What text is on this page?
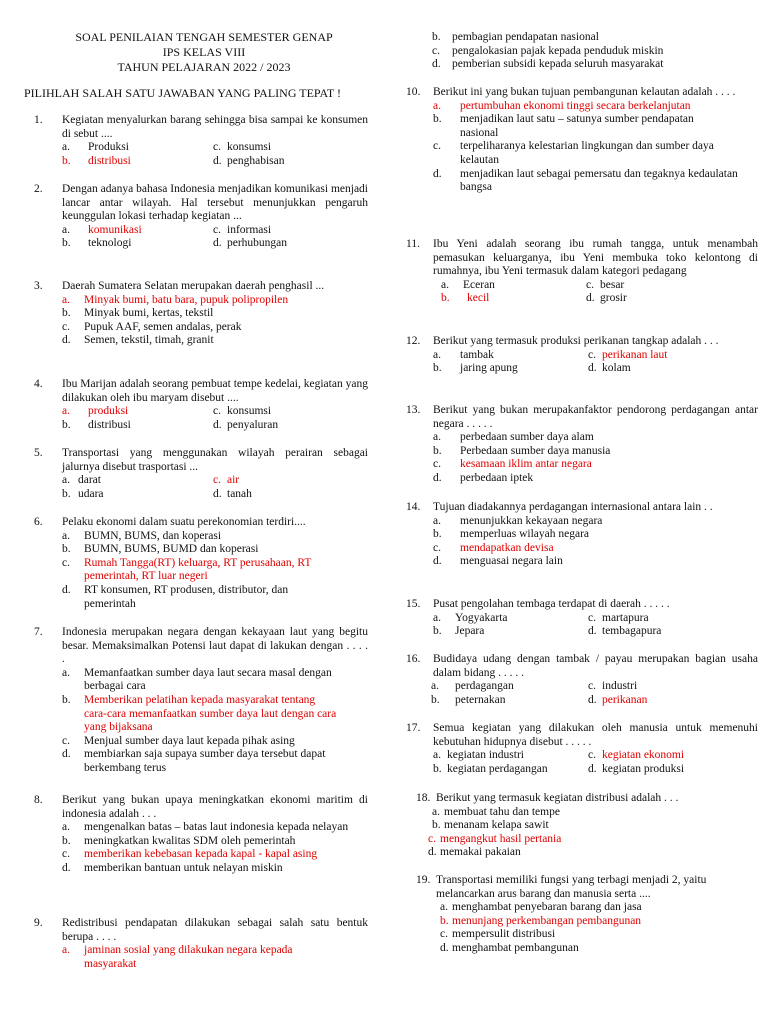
SOAL PENILAIAN TENGAH SEMESTER GENAP
IPS KELAS VIII
TAHUN PELAJARAN 2022 / 2023
PILIHLAH SALAH SATU JAWABAN YANG PALING TEPAT !
1.	Kegiatan menyalurkan barang sehingga bisa sampai ke konsumen di sebut ....
a.	Produksi	c. konsumsi
b.	distribusi	d. penghabisan
2.	Dengan adanya bahasa Indonesia menjadikan komunikasi menjadi lancar antar wilayah. Hal tersebut menunjukkan pengaruh keunggulan lokasi terhadap kegiatan ...
a.	komunikasi	c. informasi
b.	teknologi	d. perhubungan
3.	Daerah Sumatera Selatan merupakan daerah penghasil ...
a.	Minyak bumi, batu bara, pupuk polipropilen
b.	Minyak bumi, kertas, tekstil
c.	Pupuk AAF, semen andalas, perak
d.	Semen, tekstil, timah, granit
4.	Ibu Marijan adalah seorang pembuat tempe kedelai, kegiatan yang dilakukan oleh ibu maryam disebut ....
a.	produksi	c. konsumsi
b.	distribusi	d. penyaluran
5.	Transportasi yang menggunakan wilayah perairan sebagai jalurnya disebut trasportasi ...
a. darat	c. air
b. udara	d. tanah
6.	Pelaku ekonomi dalam suatu perekonomian terdiri....
a.	BUMN, BUMS, dan koperasi
b.	BUMN, BUMS, BUMD dan koperasi
c.	Rumah Tangga(RT) keluarga, RT perusahaan, RT pemerintah, RT luar negeri
d.	RT konsumen, RT produsen, distributor, dan pemerintah
7.	Indonesia merupakan negara dengan kekayaan laut yang begitu besar. Memaksimalkan Potensi laut dapat di lakukan dengan . . . . .
a.	Memanfaatkan sumber daya laut secara masal dengan berbagai cara
b.	Memberikan pelatihan kepada masyarakat tentang cara-cara memanfaatkan sumber daya laut dengan cara yang bijaksana
c.	Menjual sumber daya laut kepada pihak asing
d.	membiarkan saja supaya sumber daya tersebut dapat berkembang terus
8.	Berikut yang bukan upaya meningkatkan ekonomi maritim di indonesia adalah . . .
a.	mengenalkan batas – batas laut indonesia kepada nelayan
b.	meningkatkan kwalitas SDM oleh pemerintah
c.	memberikan kebebasan kepada kapal - kapal asing
d.	memberikan bantuan untuk nelayan miskin
9.	Redistribusi pendapatan dilakukan sebagai salah satu bentuk berupa . . . .
a.	jaminan sosial yang dilakukan negara kepada masyarakat
b. pembagian pendapatan nasional
c.	pengalokasian pajak kepada penduduk miskin
d. pemberian subsidi kepada seluruh masyarakat
10.	Berikut ini yang bukan tujuan pembangunan kelautan adalah . . . .
a.	pertumbuhan ekonomi tinggi secara berkelanjutan
b.	menjadikan laut satu – satunya sumber pendapatan nasional
c.	terpeliharanya kelestarian lingkungan dan sumber daya kelautan
d.	menjadikan laut sebagai pemersatu dan tegaknya kedaulatan bangsa
11.	Ibu Yeni adalah seorang ibu rumah tangga, untuk menambah pemasukan keluarganya, ibu Yeni membuka toko kelontong di rumahnya, ibu Yeni termasuk dalam kategori pedagang
a.	Eceran	c. besar
b.	kecil	d. grosir
12.	Berikut yang termasuk produksi perikanan tangkap adalah . . .
a.	tambak	c. perikanan laut
b.	jaring apung	d. kolam
13.	Berikut yang bukan merupakanfaktor pendorong perdagangan antar negara . . . . .
a.	perbedaan sumber daya alam
b.	Perbedaan sumber daya manusia
c.	kesamaan iklim antar negara
d.	perbedaan iptek
14.	Tujuan diadakannya perdagangan internasional antara lain . .
a.	menunjukkan kekayaan negara
b.	memperluas wilayah negara
c.	mendapatkan devisa
d.	menguasai negara lain
15.	Pusat pengolahan tembaga terdapat di daerah . . . . .
a.	Yogyakarta	c. martapura
b.	Jepara	d. tembagapura
16.	Budidaya udang dengan tambak / payau merupakan bagian usaha dalam bidang . . . . .
a.	perdagangan	c. industri
b.	peternakan	d. perikanan
17.	Semua kegiatan yang dilakukan oleh manusia untuk memenuhi kebutuhan hidupnya disebut . . . . .
a. kegiatan industri	c. kegiatan ekonomi
b. kegiatan perdagangan	d. kegiatan produksi
18. Berikut yang termasuk kegiatan distribusi adalah . . .
a. membuat tahu dan tempe
b. menanam kelapa sawit
c. mengangkut hasil pertania
d. memakai pakaian
19. Transportasi memiliki fungsi yang terbagi menjadi 2, yaitu melancarkan arus barang dan manusia serta ....
a. menghambat penyebaran barang dan jasa
b. menunjang perkembangan pembangunan
c. mempersulit distribusi
d. menghambat pembangunan
